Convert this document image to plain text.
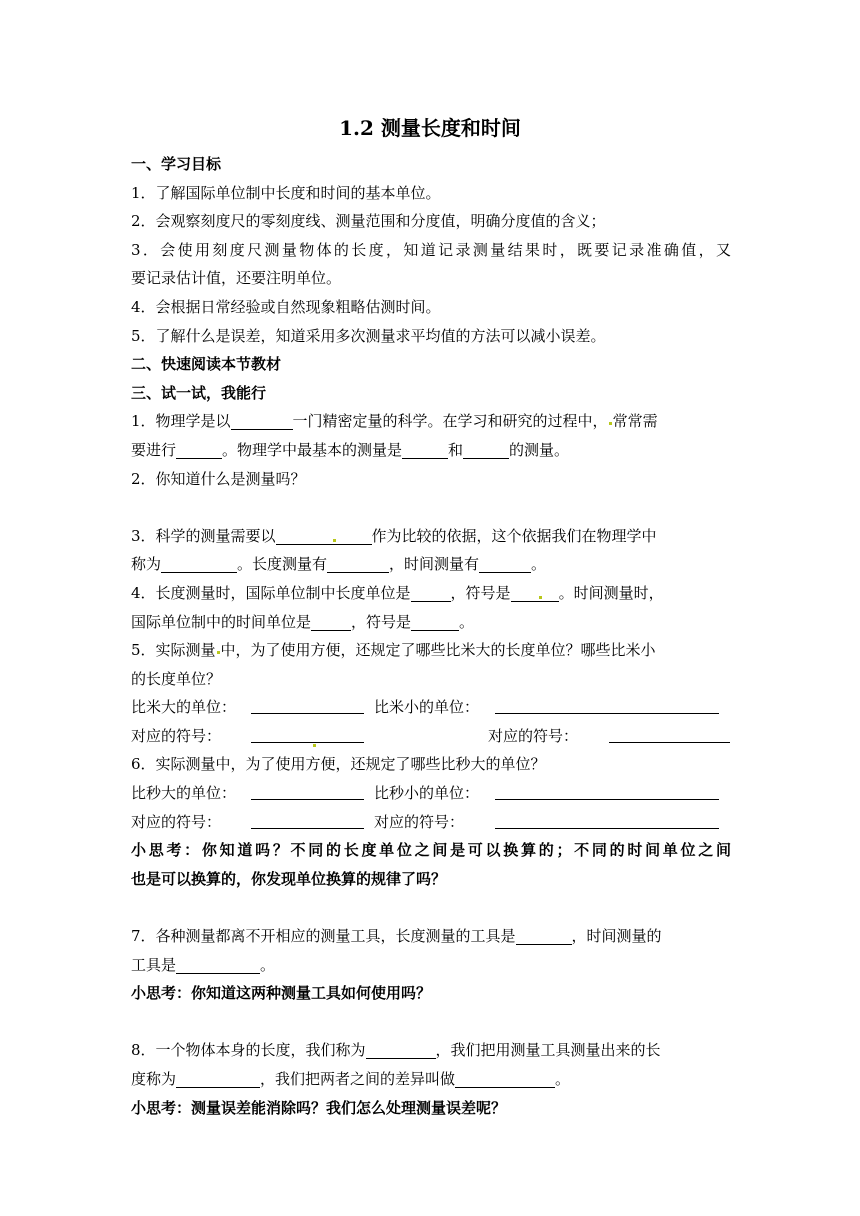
1.2 测量长度和时间
一、学习目标
1．了解国际单位制中长度和时间的基本单位。
2．会观察刻度尺的零刻度线、测量范围和分度值，明确分度值的含义；
3．会使用刻度尺测量物体的长度，知道记录测量结果时，既要记录准确值，又
要记录估计值，还要注明单位。
4．会根据日常经验或自然现象粗略估测时间。
5．了解什么是误差，知道采用多次测量求平均值的方法可以减小误差。
二、快速阅读本节教材
三、试一试，我能行
1．物理学是以	一门精密定量的科学。在学习和研究的过程中， 常常需
要进行	。物理学中最基本的测量是	和	的测量。
2．你知道什么是测量吗？
3．科学的测量需要以	作为比较的依据，这个依据我们在物理学中
称为	。长度测量有	，时间测量有	。
4．长度测量时，国际单位制中长度单位是	，符号是	。时间测量时，
国际单位制中的时间单位是	，符号是	。
5．实际测量 中，为了使用方便，还规定了哪些比米大的长度单位？哪些比米小
的长度单位？
比米大的单位：	比米小的单位：
对应的符号：	对应的符号：
6．实际测量中，为了使用方便，还规定了哪些比秒大的单位？
比秒大的单位：	比秒小的单位：
对应的符号：	对应的符号：
小思考：你知道吗？不同的长度单位之间是可以换算的；不同的时间单位之间
也是可以换算的，你发现单位换算的规律了吗？
7．各种测量都离不开相应的测量工具，长度测量的工具是	，时间测量的
工具是	。
小思考：你知道这两种测量工具如何使用吗？
8．一个物体本身的长度，我们称为	，我们把用测量工具测量出来的长
度称为	，我们把两者之间的差异叫做	。
小思考：测量误差能消除吗？我们怎么处理测量误差呢？
